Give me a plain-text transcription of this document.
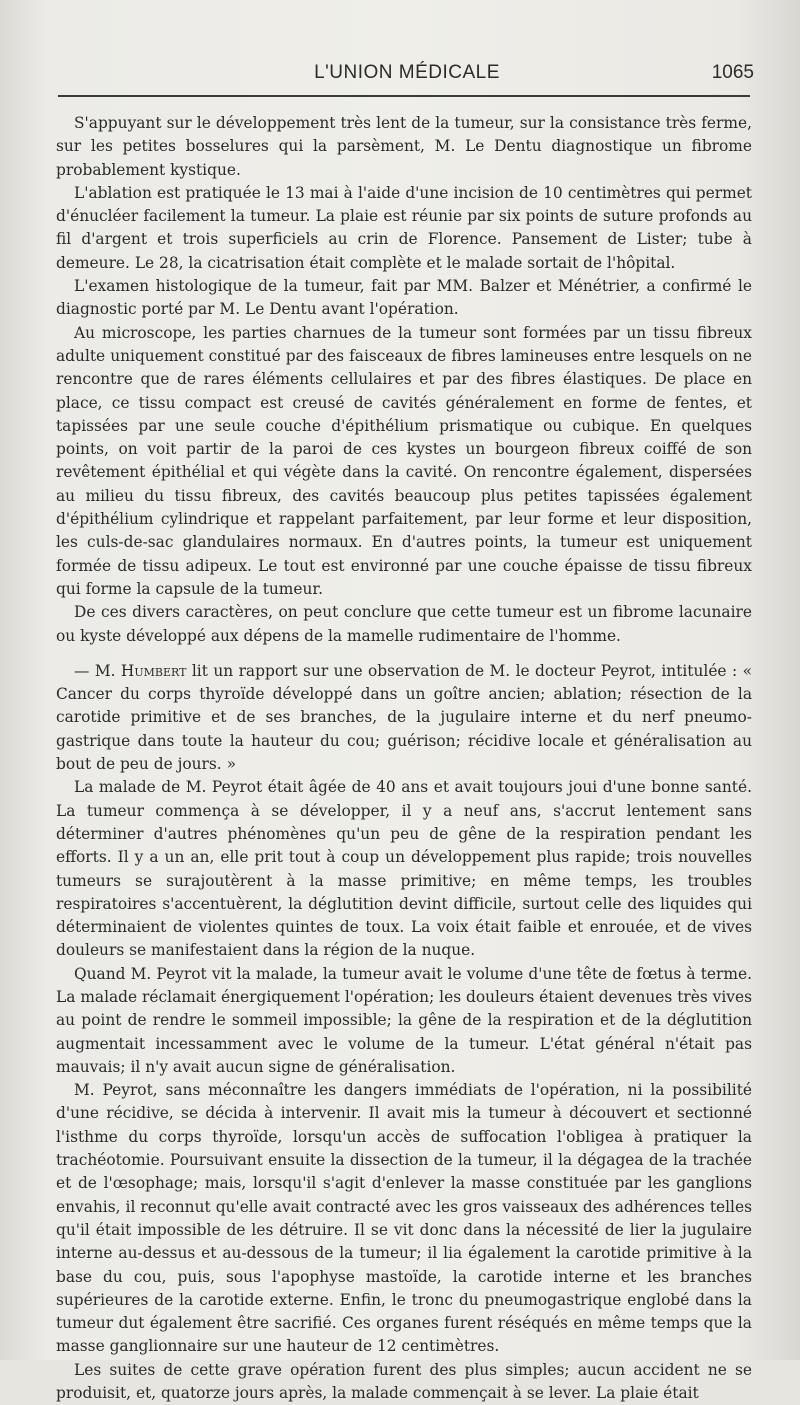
L'UNION MÉDICALE	1065

S'appuyant sur le développement très lent de la tumeur, sur la consistance très ferme, sur les petites bosselures qui la parsèment, M. Le Dentu diagnostique un fibrome probablement kystique.

L'ablation est pratiquée le 13 mai à l'aide d'une incision de 10 centimètres qui permet d'énucléer facilement la tumeur. La plaie est réunie par six points de suture profonds au fil d'argent et trois superficiels au crin de Florence. Pansement de Lister; tube à demeure. Le 28, la cicatrisation était complète et le malade sortait de l'hôpital.

L'examen histologique de la tumeur, fait par MM. Balzer et Ménétrier, a confirmé le diagnostic porté par M. Le Dentu avant l'opération.

Au microscope, les parties charnues de la tumeur sont formées par un tissu fibreux adulte uniquement constitué par des faisceaux de fibres lamineuses entre lesquels on ne rencontre que de rares éléments cellulaires et par des fibres élastiques. De place en place, ce tissu compact est creusé de cavités généralement en forme de fentes, et tapissées par une seule couche d'épithélium prismatique ou cubique. En quelques points, on voit partir de la paroi de ces kystes un bourgeon fibreux coiffé de son revêtement épithélial et qui végète dans la cavité. On rencontre également, dispersées au milieu du tissu fibreux, des cavités beaucoup plus petites tapissées également d'épithélium cylindrique et rappelant parfaitement, par leur forme et leur disposition, les culs-de-sac glandulaires normaux. En d'autres points, la tumeur est uniquement formée de tissu adipeux. Le tout est environné par une couche épaisse de tissu fibreux qui forme la capsule de la tumeur.

De ces divers caractères, on peut conclure que cette tumeur est un fibrome lacunaire ou kyste développé aux dépens de la mamelle rudimentaire de l'homme.

— M. Humbert lit un rapport sur une observation de M. le docteur Peyrot, intitulée : « Cancer du corps thyroïde développé dans un goître ancien; ablation; résection de la carotide primitive et de ses branches, de la jugulaire interne et du nerf pneumo-gastrique dans toute la hauteur du cou; guérison; récidive locale et généralisation au bout de peu de jours. »

La malade de M. Peyrot était âgée de 40 ans et avait toujours joui d'une bonne santé. La tumeur commença à se développer, il y a neuf ans, s'accrut lentement sans déterminer d'autres phénomènes qu'un peu de gêne de la respiration pendant les efforts. Il y a un an, elle prit tout à coup un développement plus rapide; trois nouvelles tumeurs se surajoutèrent à la masse primitive; en même temps, les troubles respiratoires s'accentuèrent, la déglutition devint difficile, surtout celle des liquides qui déterminaient de violentes quintes de toux. La voix était faible et enrouée, et de vives douleurs se manifestaient dans la région de la nuque.

Quand M. Peyrot vit la malade, la tumeur avait le volume d'une tête de fœtus à terme. La malade réclamait énergiquement l'opération; les douleurs étaient devenues très vives au point de rendre le sommeil impossible; la gêne de la respiration et de la déglutition augmentait incessamment avec le volume de la tumeur. L'état général n'était pas mauvais; il n'y avait aucun signe de généralisation.

M. Peyrot, sans méconnaître les dangers immédiats de l'opération, ni la possibilité d'une récidive, se décida à intervenir. Il avait mis la tumeur à découvert et sectionné l'isthme du corps thyroïde, lorsqu'un accès de suffocation l'obligea à pratiquer la trachéotomie. Poursuivant ensuite la dissection de la tumeur, il la dégagea de la trachée et de l'œsophage; mais, lorsqu'il s'agit d'enlever la masse constituée par les ganglions envahis, il reconnut qu'elle avait contracté avec les gros vaisseaux des adhérences telles qu'il était impossible de les détruire. Il se vit donc dans la nécessité de lier la jugulaire interne au-dessus et au-dessous de la tumeur; il lia également la carotide primitive à la base du cou, puis, sous l'apophyse mastoïde, la carotide interne et les branches supérieures de la carotide externe. Enfin, le tronc du pneumogastrique englobé dans la tumeur dut également être sacrifié. Ces organes furent réséqués en même temps que la masse ganglionnaire sur une hauteur de 12 centimètres.

Les suites de cette grave opération furent des plus simples; aucun accident ne se produisit, et, quatorze jours après, la malade commençait à se lever. La plaie était
